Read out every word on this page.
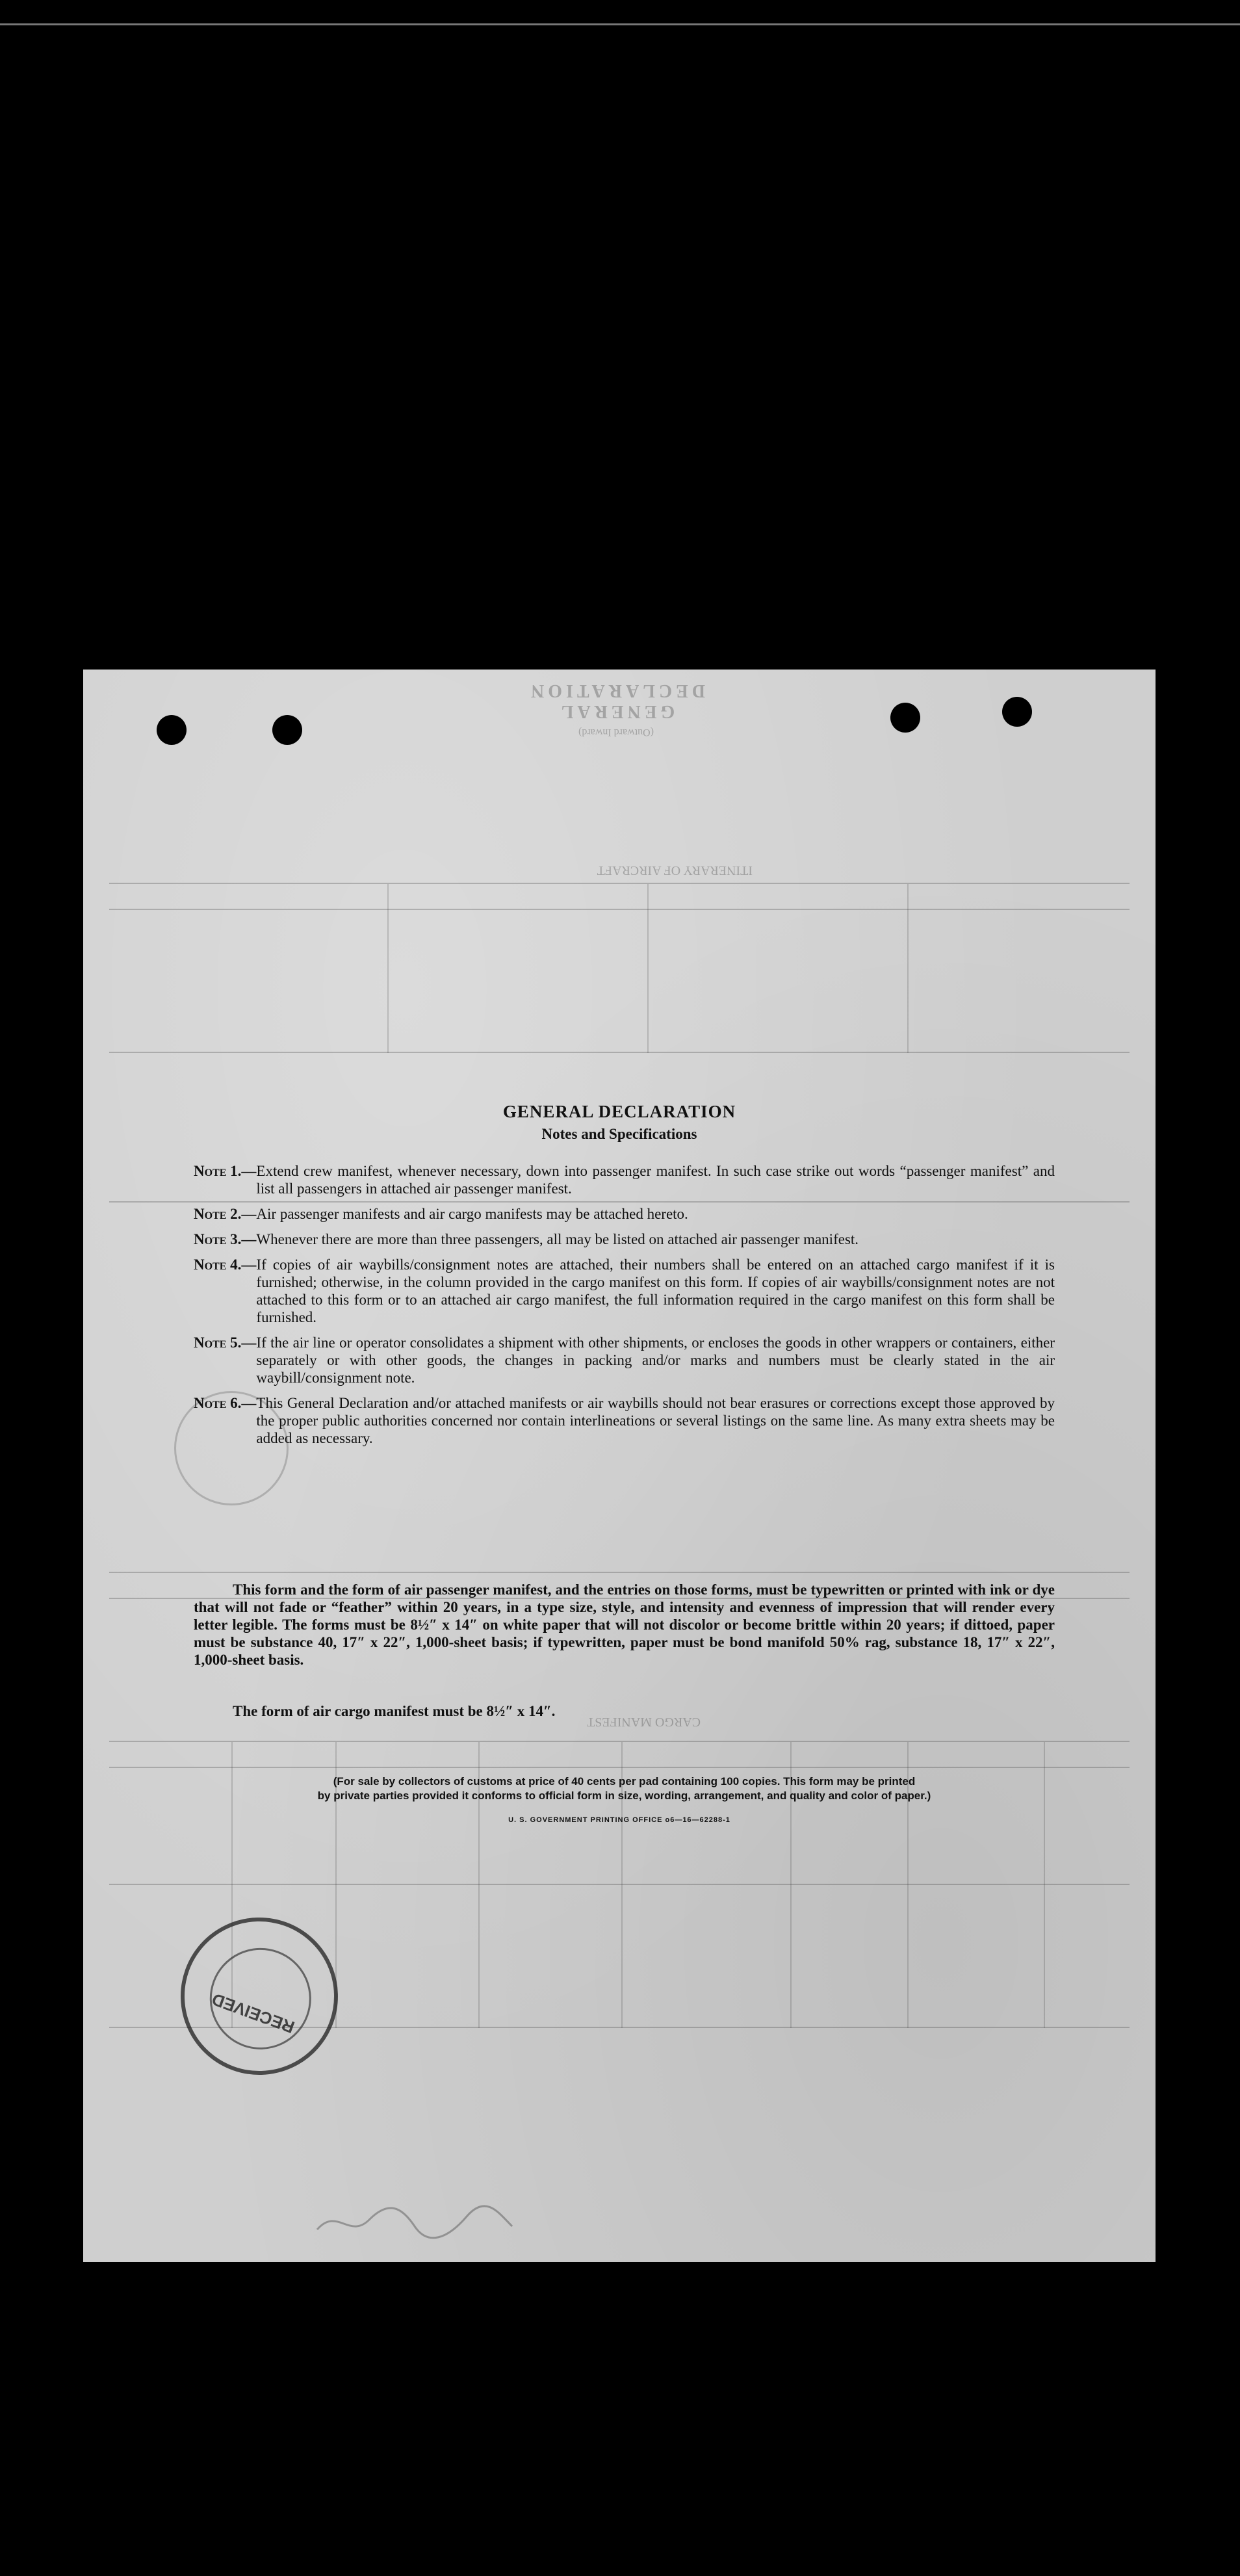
GENERAL DECLARATION
(Outward Inward)
ITINERARY OF AIRCRAFT
CARGO MANIFEST
GENERAL DECLARATION
Notes and Specifications
Note 1.— Extend crew manifest, whenever necessary, down into passenger manifest. In such case strike out words “passenger manifest” and list all passengers in attached air passenger manifest.
Note 2.— Air passenger manifests and air cargo manifests may be attached hereto.
Note 3.— Whenever there are more than three passengers, all may be listed on attached air passenger manifest.
Note 4.— If copies of air waybills/consignment notes are attached, their numbers shall be entered on an attached cargo manifest if it is furnished; otherwise, in the column provided in the cargo manifest on this form. If copies of air waybills/consignment notes are not attached to this form or to an attached air cargo manifest, the full information required in the cargo manifest on this form shall be furnished.
Note 5.— If the air line or operator consolidates a shipment with other shipments, or encloses the goods in other wrappers or containers, either separately or with other goods, the changes in packing and/or marks and numbers must be clearly stated in the air waybill/consignment note.
Note 6.— This General Declaration and/or attached manifests or air waybills should not bear erasures or corrections except those approved by the proper public authorities concerned nor contain interlineations or several listings on the same line. As many extra sheets may be added as necessary.
This form and the form of air passenger manifest, and the entries on those forms, must be typewritten or printed with ink or dye that will not fade or “feather” within 20 years, in a type size, style, and intensity and evenness of impression that will render every letter legible. The forms must be 8½″ x 14″ on white paper that will not discolor or become brittle within 20 years; if dittoed, paper must be substance 40, 17″ x 22″, 1,000-sheet basis; if typewritten, paper must be bond manifold 50% rag, substance 18, 17″ x 22″, 1,000-sheet basis.
The form of air cargo manifest must be 8½″ x 14″.
(For sale by collectors of customs at price of 40 cents per pad containing 100 copies. This form may be printed
by private parties provided it conforms to official form in size, wording, arrangement, and quality and color of paper.)
U. S. GOVERNMENT PRINTING OFFICE o6—16—62288-1
RECEIVED
